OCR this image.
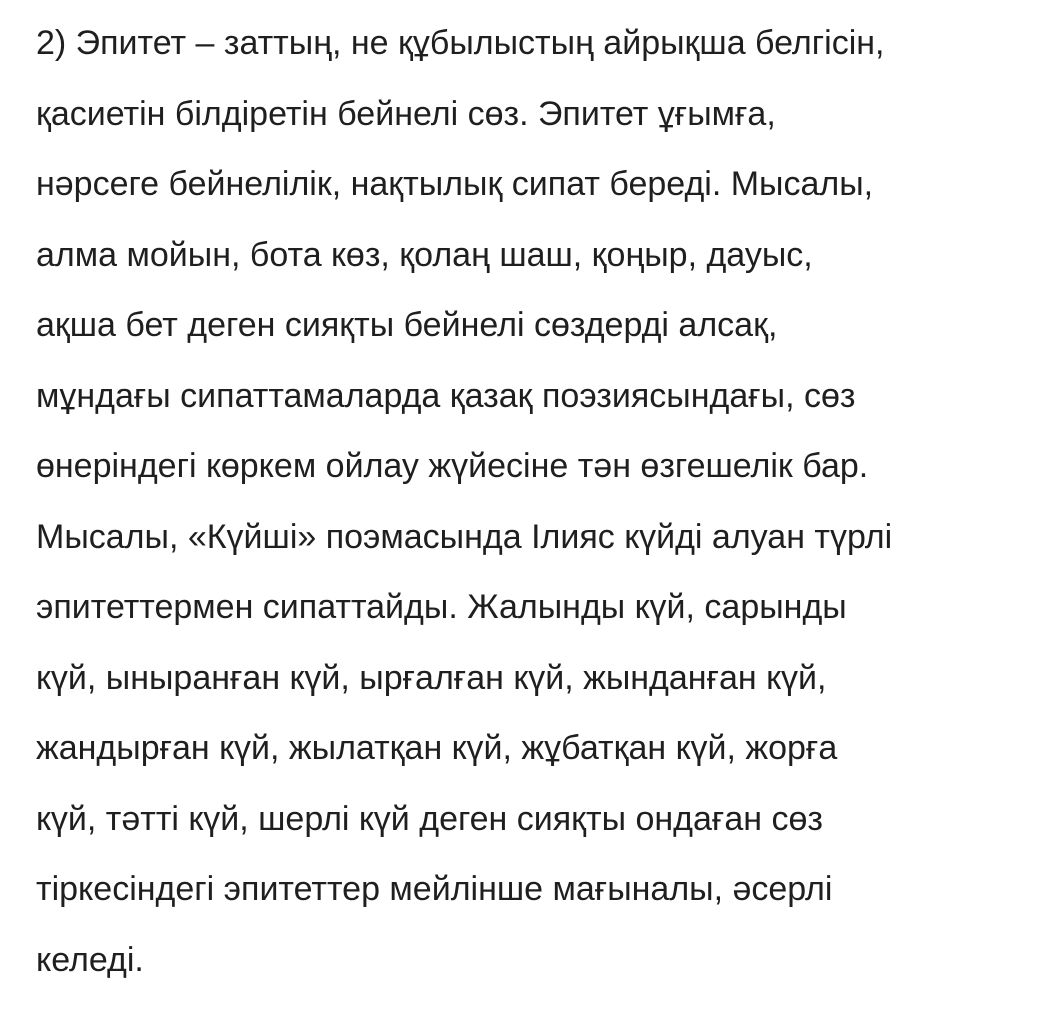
2) Эпитет – заттың, не құбылыстың айрықша белгісін,
қасиетін білдіретін бейнелі сөз. Эпитет ұғымға,
нәрсеге бейнелілік, нақтылық сипат береді. Мысалы,
алма мойын, бота көз, қолаң шаш, қоңыр, дауыс,
ақша бет деген сияқты бейнелі сөздерді алсақ,
мұндағы сипаттамаларда қазақ поэзиясындағы, сөз
өнеріндегі көркем ойлау жүйесіне тән өзгешелік бар.
Мысалы, «Күйші» поэмасында Ілияс күйді алуан түрлі
эпитеттермен сипаттайды. Жалынды күй, сарынды
күй, ыныранған күй, ырғалған күй, жынданған күй,
жандырған күй, жылатқан күй, жұбатқан күй, жорға
күй, тәтті күй, шерлі күй деген сияқты ондаған сөз
тіркесіндегі эпитеттер мейлінше мағыналы, әсерлі
келеді.
